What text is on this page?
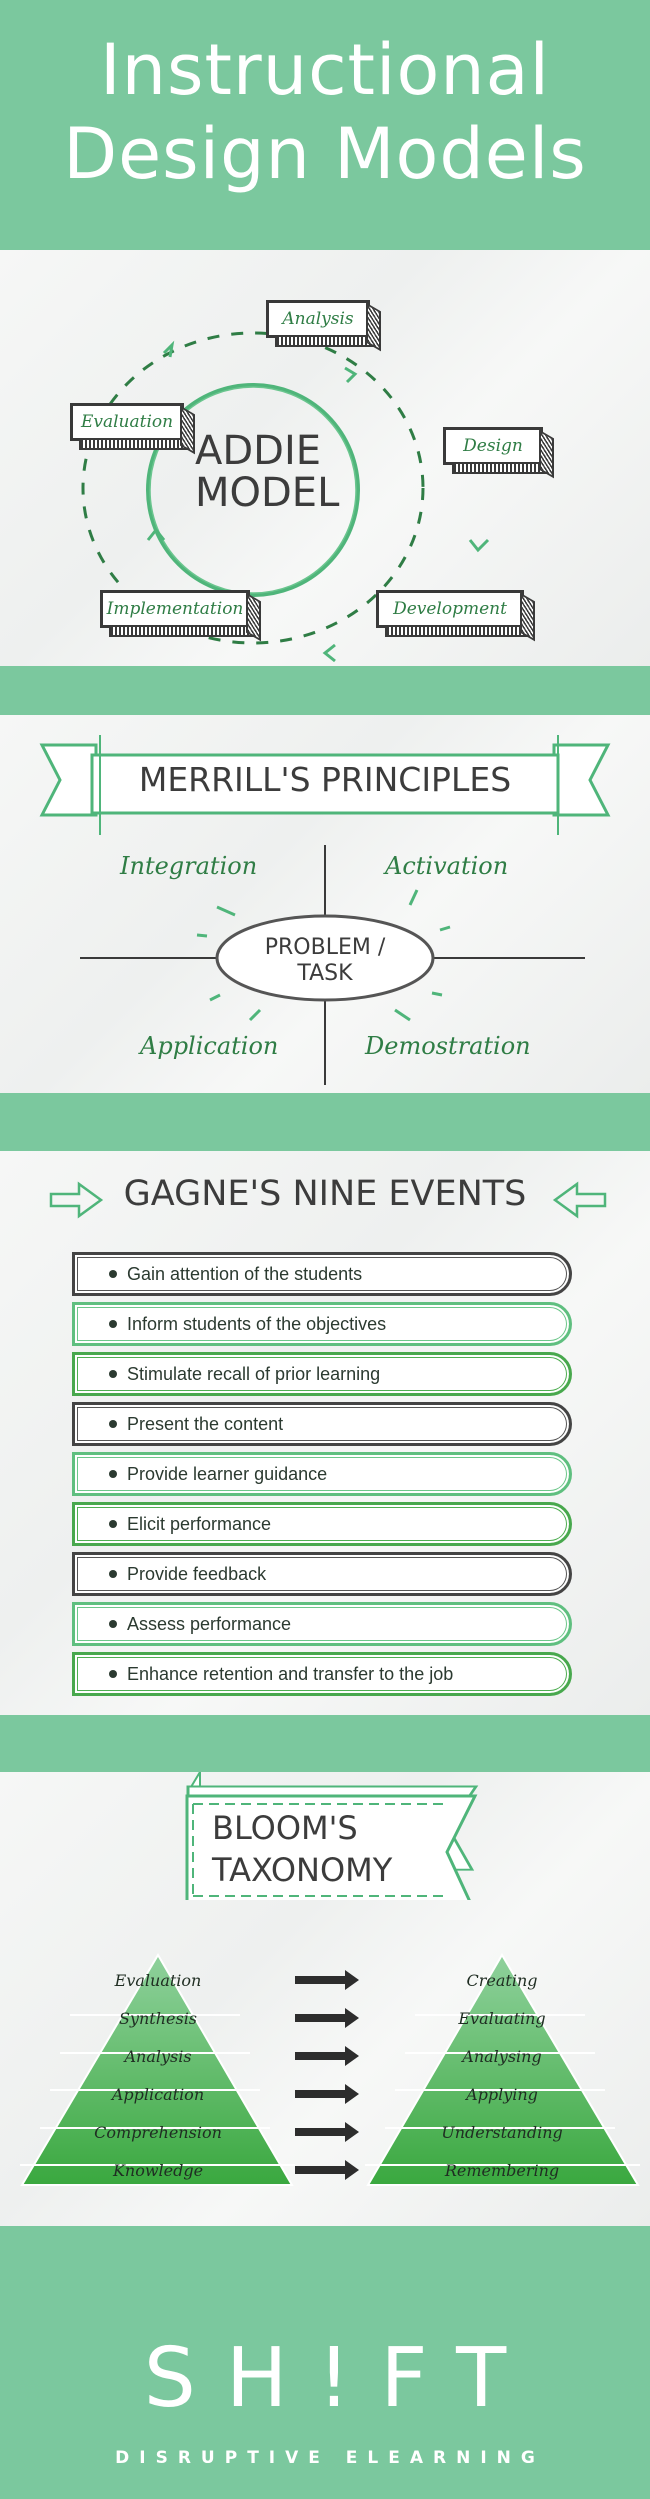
Instructional
Design Models
ADDIE
MODEL
Analysis
Design
Development
Implementation
Evaluation
MERRILL'S PRINCIPLES
PROBLEM /
TASK
Integration	Activation
Application	Demostration
GAGNE'S NINE EVENTS
Gain attention of the students
Inform students of the objectives
Stimulate recall of prior learning
Present the content
Provide learner guidance
Elicit performance
Provide feedback
Assess performance
Enhance retention and transfer to the job
BLOOM'S
TAXONOMY
Evaluation
Synthesis
Analysis
Application
Comprehension
Knowledge
Creating
Evaluating
Analysing
Applying
Understanding
Remembering
SH!FT
DISRUPTIVE ELEARNING
